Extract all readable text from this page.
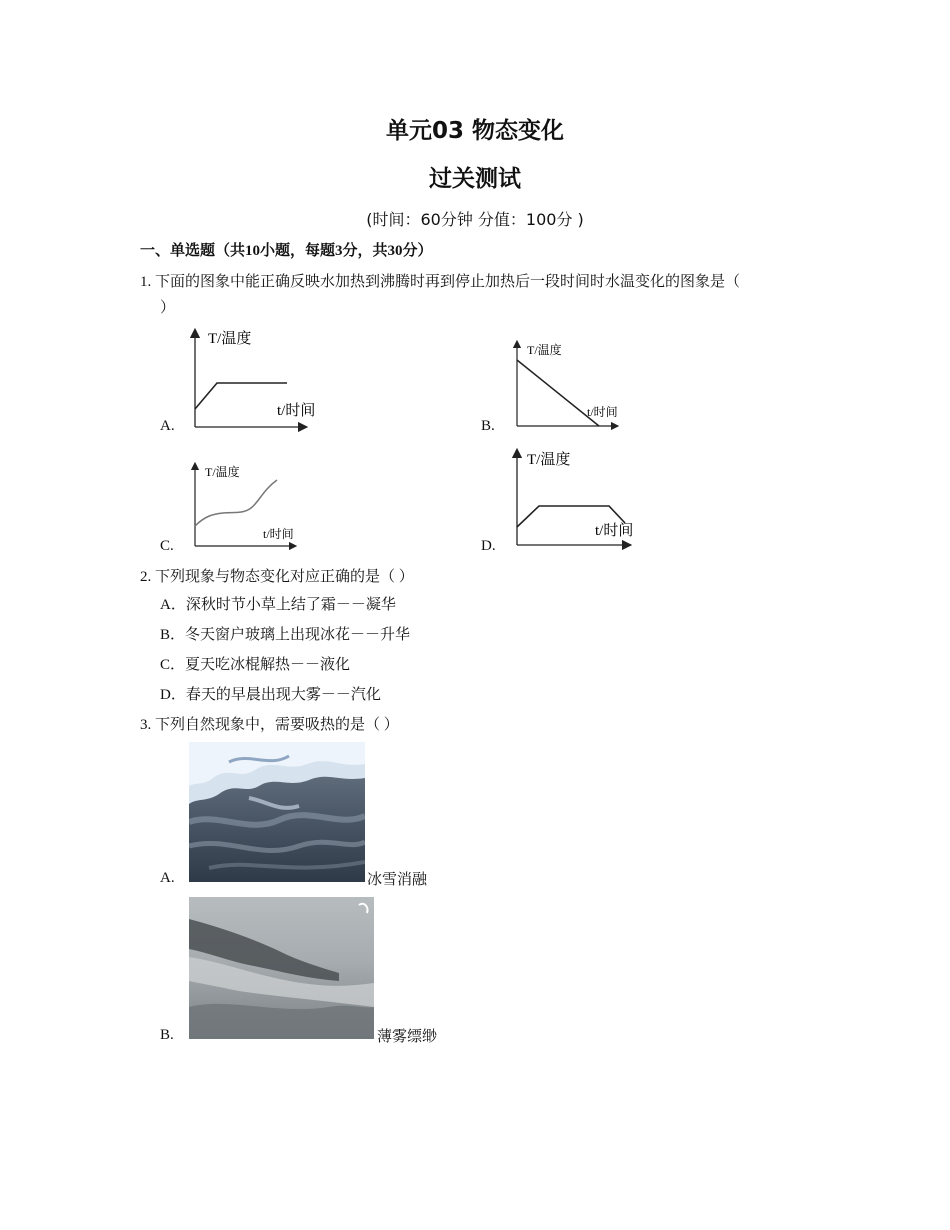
单元03 物态变化
过关测试
(时间：60分钟 分值：100分 )
一、单选题（共10小题，每题3分，共30分）
1. 下面的图象中能正确反映水加热到沸腾时再到停止加热后一段时间时水温变化的图象是（
）
A.
T/温度
t/时间
B.
T/温度
t/时间
C.
T/温度
t/时间
D.
T/温度
t/时间
2. 下列现象与物态变化对应正确的是（ ）
A．深秋时节小草上结了霜－－凝华
B．冬天窗户玻璃上出现冰花－－升华
C．夏天吃冰棍解热－－液化
D．春天的早晨出现大雾－－汽化
3. 下列自然现象中，需要吸热的是（ ）
A.	冰雪消融
B.	薄雾缥缈
